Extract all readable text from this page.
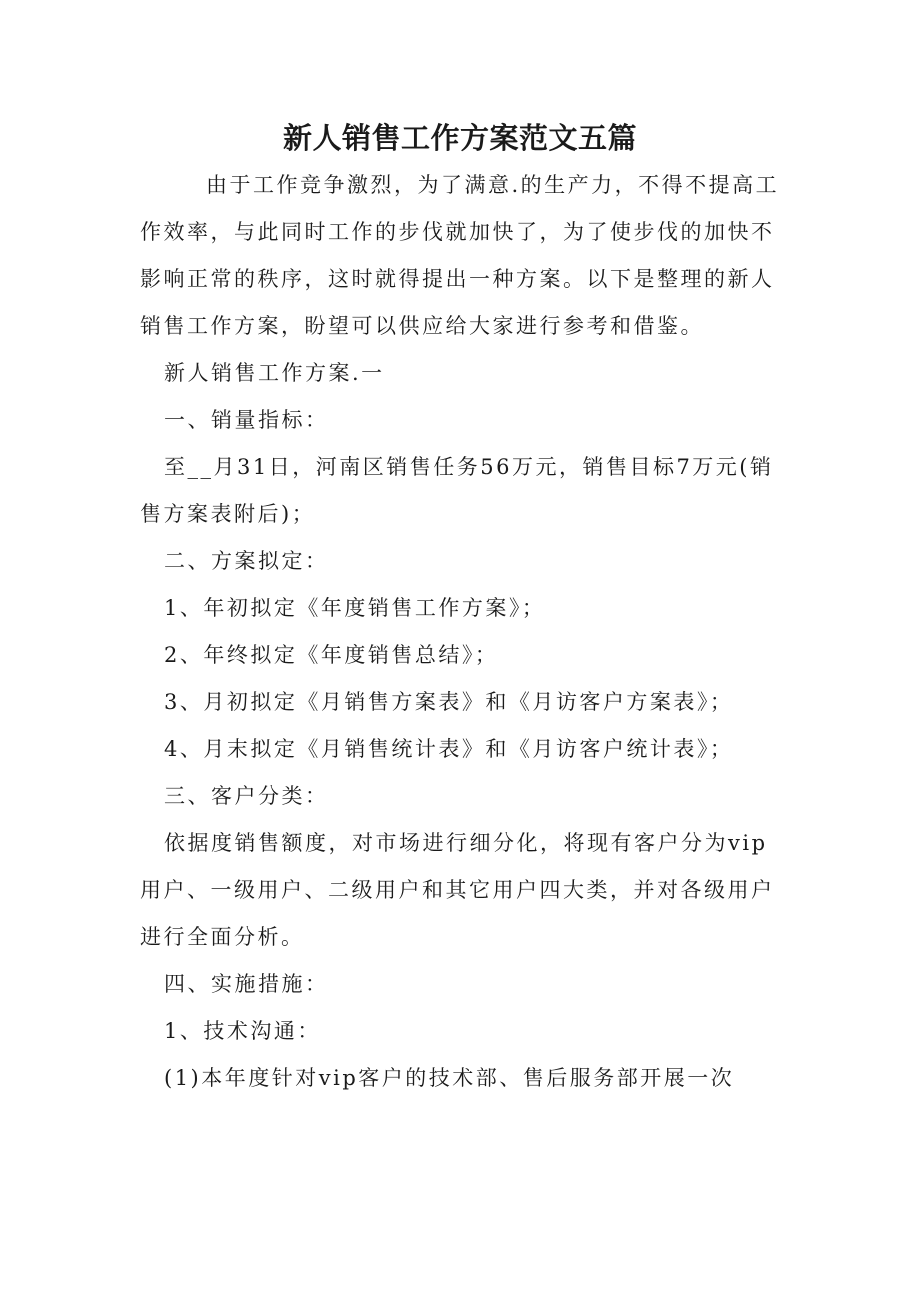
新人销售工作方案范文五篇

由于工作竞争激烈，为了满意.的生产力，不得不提高工作效率，与此同时工作的步伐就加快了，为了使步伐的加快不影响正常的秩序，这时就得提出一种方案。以下是整理的新人销售工作方案，盼望可以供应给大家进行参考和借鉴。

新人销售工作方案.一

一、销量指标：

至__月31日，河南区销售任务56万元，销售目标7万元(销售方案表附后)；

二、方案拟定：

1、年初拟定《年度销售工作方案》；

2、年终拟定《年度销售总结》；

3、月初拟定《月销售方案表》和《月访客户方案表》；

4、月末拟定《月销售统计表》和《月访客户统计表》；

三、客户分类：

依据度销售额度，对市场进行细分化，将现有客户分为vip用户、一级用户、二级用户和其它用户四大类，并对各级用户进行全面分析。

四、实施措施：

1、技术沟通：

(1)本年度针对vip客户的技术部、售后服务部开展一次
